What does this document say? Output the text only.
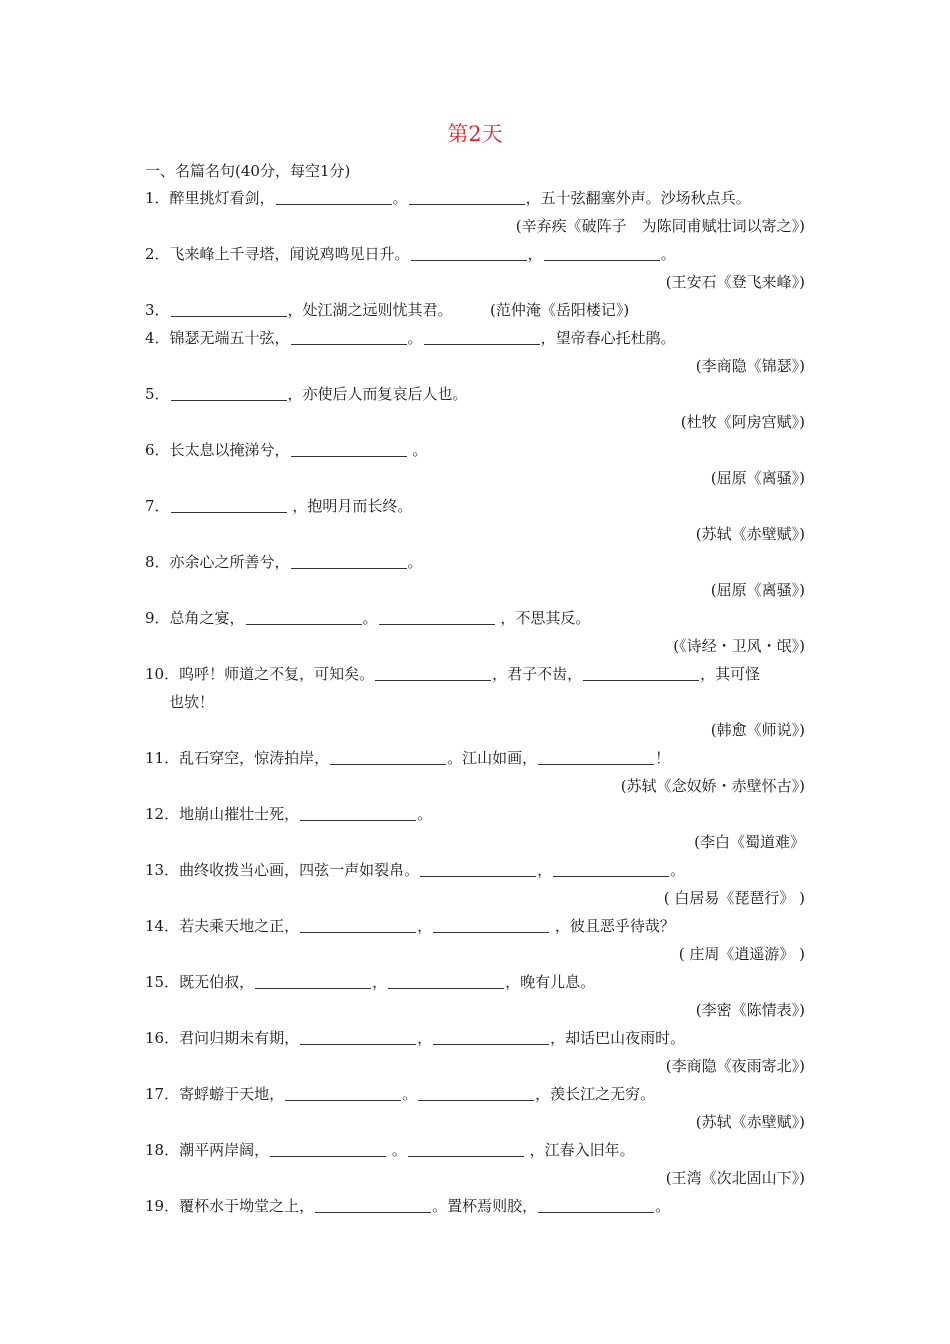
第2天
一、名篇名句(40分，每空1分)
1．醉里挑灯看剑，	。	，五十弦翻塞外声。沙场秋点兵。
(辛弃疾《破阵子　为陈同甫赋壮词以寄之》)
2．飞来峰上千寻塔，闻说鸡鸣见日升。	，	。
(王安石《登飞来峰》)
3．	，处江湖之远则忧其君。　　　(范仲淹《岳阳楼记》)
4．锦瑟无端五十弦，	。	，望帝春心托杜鹃。
(李商隐《锦瑟》)
5．	，亦使后人而复哀后人也。
(杜牧《阿房宫赋》)
6．长太息以掩涕兮，	。
(屈原《离骚》)
7．	，抱明月而长终。
(苏轼《赤壁赋》)
8．亦余心之所善兮，	。
(屈原《离骚》)
9．总角之宴，	。	，不思其反。
(《诗经・卫风・氓》)
10．呜呼！师道之不复，可知矣。	，君子不齿，	，其可怪
也欤！
(韩愈《师说》)
11．乱石穿空，惊涛拍岸，	。江山如画，	！
(苏轼《念奴娇・赤壁怀古》)
12．地崩山摧壮士死，	。
(李白《蜀道难》
13．曲终收拨当心画，四弦一声如裂帛。	，	。
( 白居易《琵琶行》 )
14．若夫乘天地之正，	，	，彼且恶乎待哉？
( 庄周《逍遥游》 )
15．既无伯叔，	，	，晚有儿息。
(李密《陈情表》)
16．君问归期未有期，	，	，却话巴山夜雨时。
(李商隐《夜雨寄北》)
17．寄蜉蝣于天地，	。	，羡长江之无穷。
(苏轼《赤壁赋》)
18．潮平两岸阔，	。	，江春入旧年。
(王湾《次北固山下》)
19．覆杯水于坳堂之上，	。置杯焉则胶，	。
